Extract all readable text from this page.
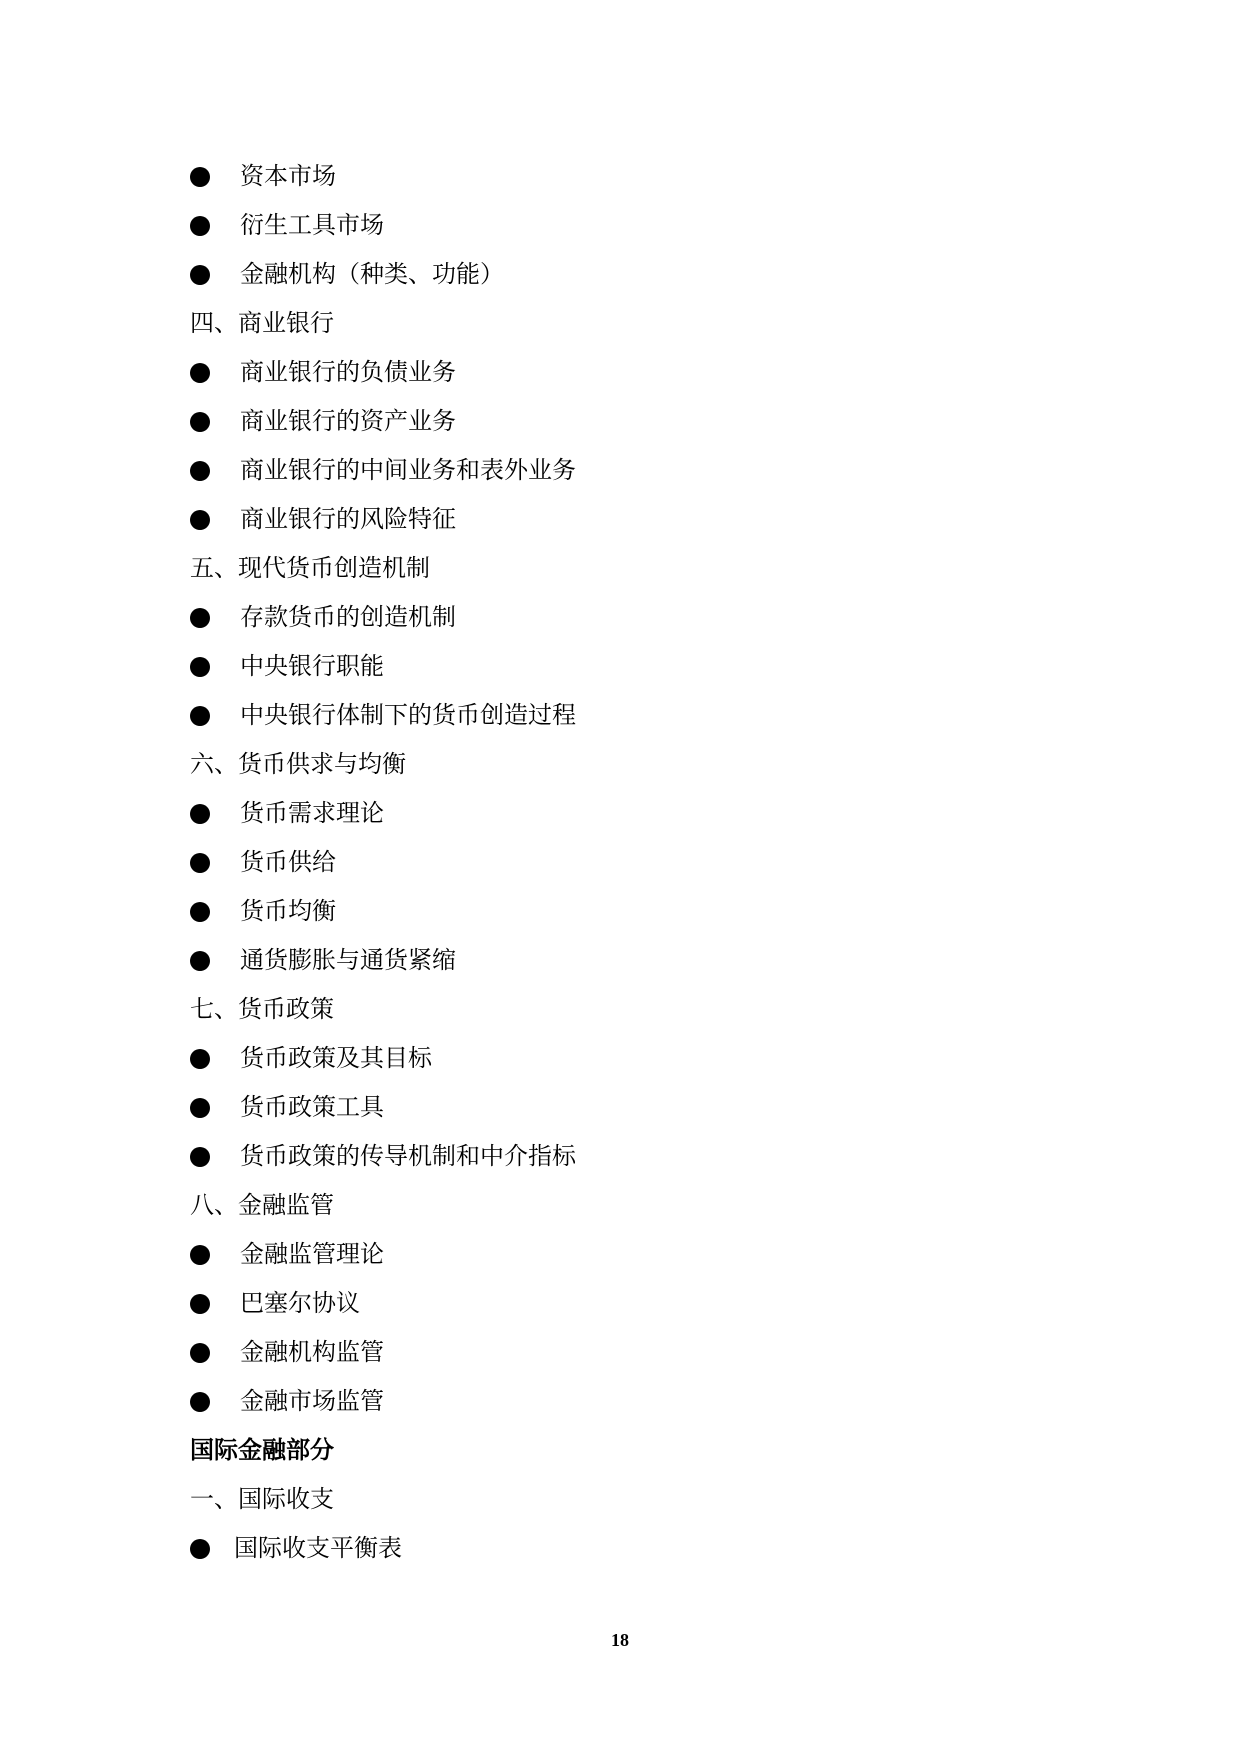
资本市场
衍生工具市场
金融机构（种类、功能）
四、商业银行
商业银行的负债业务
商业银行的资产业务
商业银行的中间业务和表外业务
商业银行的风险特征
五、现代货币创造机制
存款货币的创造机制
中央银行职能
中央银行体制下的货币创造过程
六、货币供求与均衡
货币需求理论
货币供给
货币均衡
通货膨胀与通货紧缩
七、货币政策
货币政策及其目标
货币政策工具
货币政策的传导机制和中介指标
八、金融监管
金融监管理论
巴塞尔协议
金融机构监管
金融市场监管
国际金融部分
一、国际收支
国际收支平衡表
18
